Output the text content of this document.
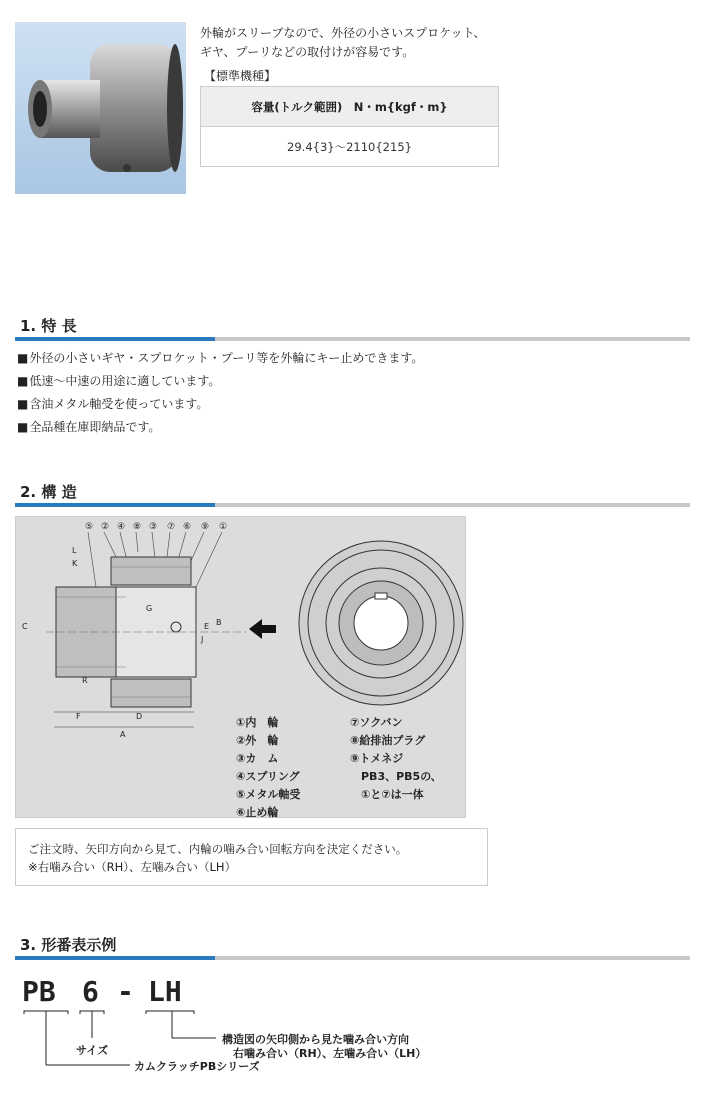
外輪がスリーブなので、外径の小さいスプロケット、
ギヤ、プーリなどの取付けが容易です。
【標準機種】
容量(トルク範囲)　N・m{kgf・m}
29.4{3}〜2110{215}
1. 特 長
■ 外径の小さいギヤ・スプロケット・プーリ等を外輪にキー止めできます。
■ 低速〜中速の用途に適しています。
■ 含油メタル軸受を使っています。
■ 全品種在庫即納品です。
2. 構 造
⑤ ② ④ ⑧ ③ ⑦ ⑥ ⑨ ①
L
K
C
G
E B
J
R
F	D
A
①内　輪
②外　輪
③カ　ム
④スプリング
⑤メタル軸受
⑥止め輪
⑦ソクバン
⑧給排油プラグ
⑨トメネジ
　PB3、PB5の、
　①と⑦は一体
ご注文時、矢印方向から見て、内輪の噛み合い回転方向を決定ください。
※右噛み合い（RH）、左噛み合い（LH）
3. 形番表示例
PB 6 - LH
構造図の矢印側から見た噛み合い方向
右噛み合い（RH）、左噛み合い（LH）
サイズ
カムクラッチPBシリーズ
